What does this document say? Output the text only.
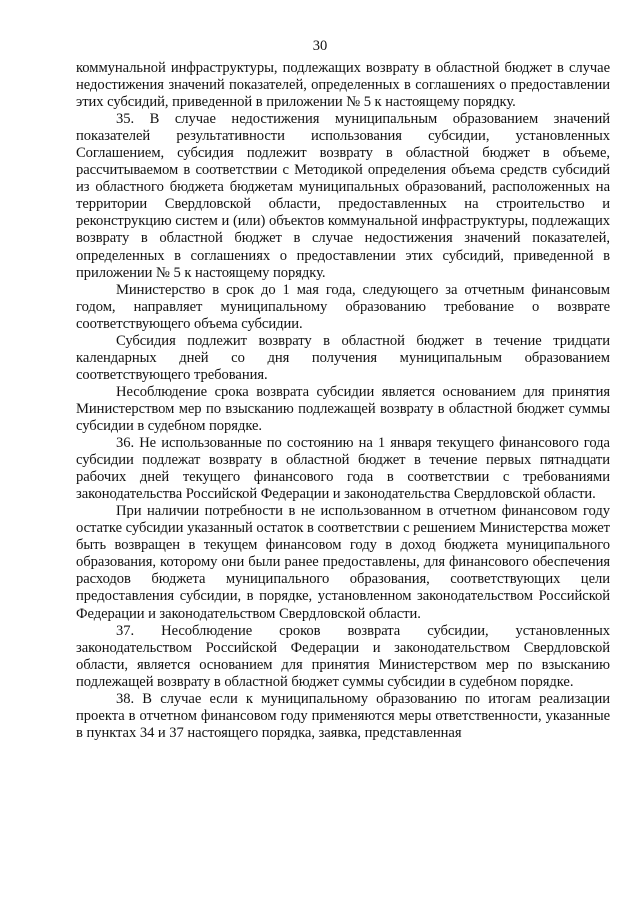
30

коммунальной инфраструктуры, подлежащих возврату в областной бюджет в случае недостижения значений показателей, определенных в соглашениях о предоставлении этих субсидий, приведенной в приложении № 5 к настоящему порядку.

35. В случае недостижения муниципальным образованием значений показателей результативности использования субсидии, установленных Соглашением, субсидия подлежит возврату в областной бюджет в объеме, рассчитываемом в соответствии с Методикой определения объема средств субсидий из областного бюджета бюджетам муниципальных образований, расположенных на территории Свердловской области, предоставленных на строительство и реконструкцию систем и (или) объектов коммунальной инфраструктуры, подлежащих возврату в областной бюджет в случае недостижения значений показателей, определенных в соглашениях о предоставлении этих субсидий, приведенной в приложении № 5 к настоящему порядку.

Министерство в срок до 1 мая года, следующего за отчетным финансовым годом, направляет муниципальному образованию требование о возврате соответствующего объема субсидии.

Субсидия подлежит возврату в областной бюджет в течение тридцати календарных дней со дня получения муниципальным образованием соответствующего требования.

Несоблюдение срока возврата субсидии является основанием для принятия Министерством мер по взысканию подлежащей возврату в областной бюджет суммы субсидии в судебном порядке.

36. Не использованные по состоянию на 1 января текущего финансового года субсидии подлежат возврату в областной бюджет в течение первых пятнадцати рабочих дней текущего финансового года в соответствии с требованиями законодательства Российской Федерации и законодательства Свердловской области.

При наличии потребности в не использованном в отчетном финансовом году остатке субсидии указанный остаток в соответствии с решением Министерства может быть возвращен в текущем финансовом году в доход бюджета муниципального образования, которому они были ранее предоставлены, для финансового обеспечения расходов бюджета муниципального образования, соответствующих цели предоставления субсидии, в порядке, установленном законодательством Российской Федерации и законодательством Свердловской области.

37. Несоблюдение сроков возврата субсидии, установленных законодательством Российской Федерации и законодательством Свердловской области, является основанием для принятия Министерством мер по взысканию подлежащей возврату в областной бюджет суммы субсидии в судебном порядке.

38. В случае если к муниципальному образованию по итогам реализации проекта в отчетном финансовом году применяются меры ответственности, указанные в пунктах 34 и 37 настоящего порядка, заявка, представленная
